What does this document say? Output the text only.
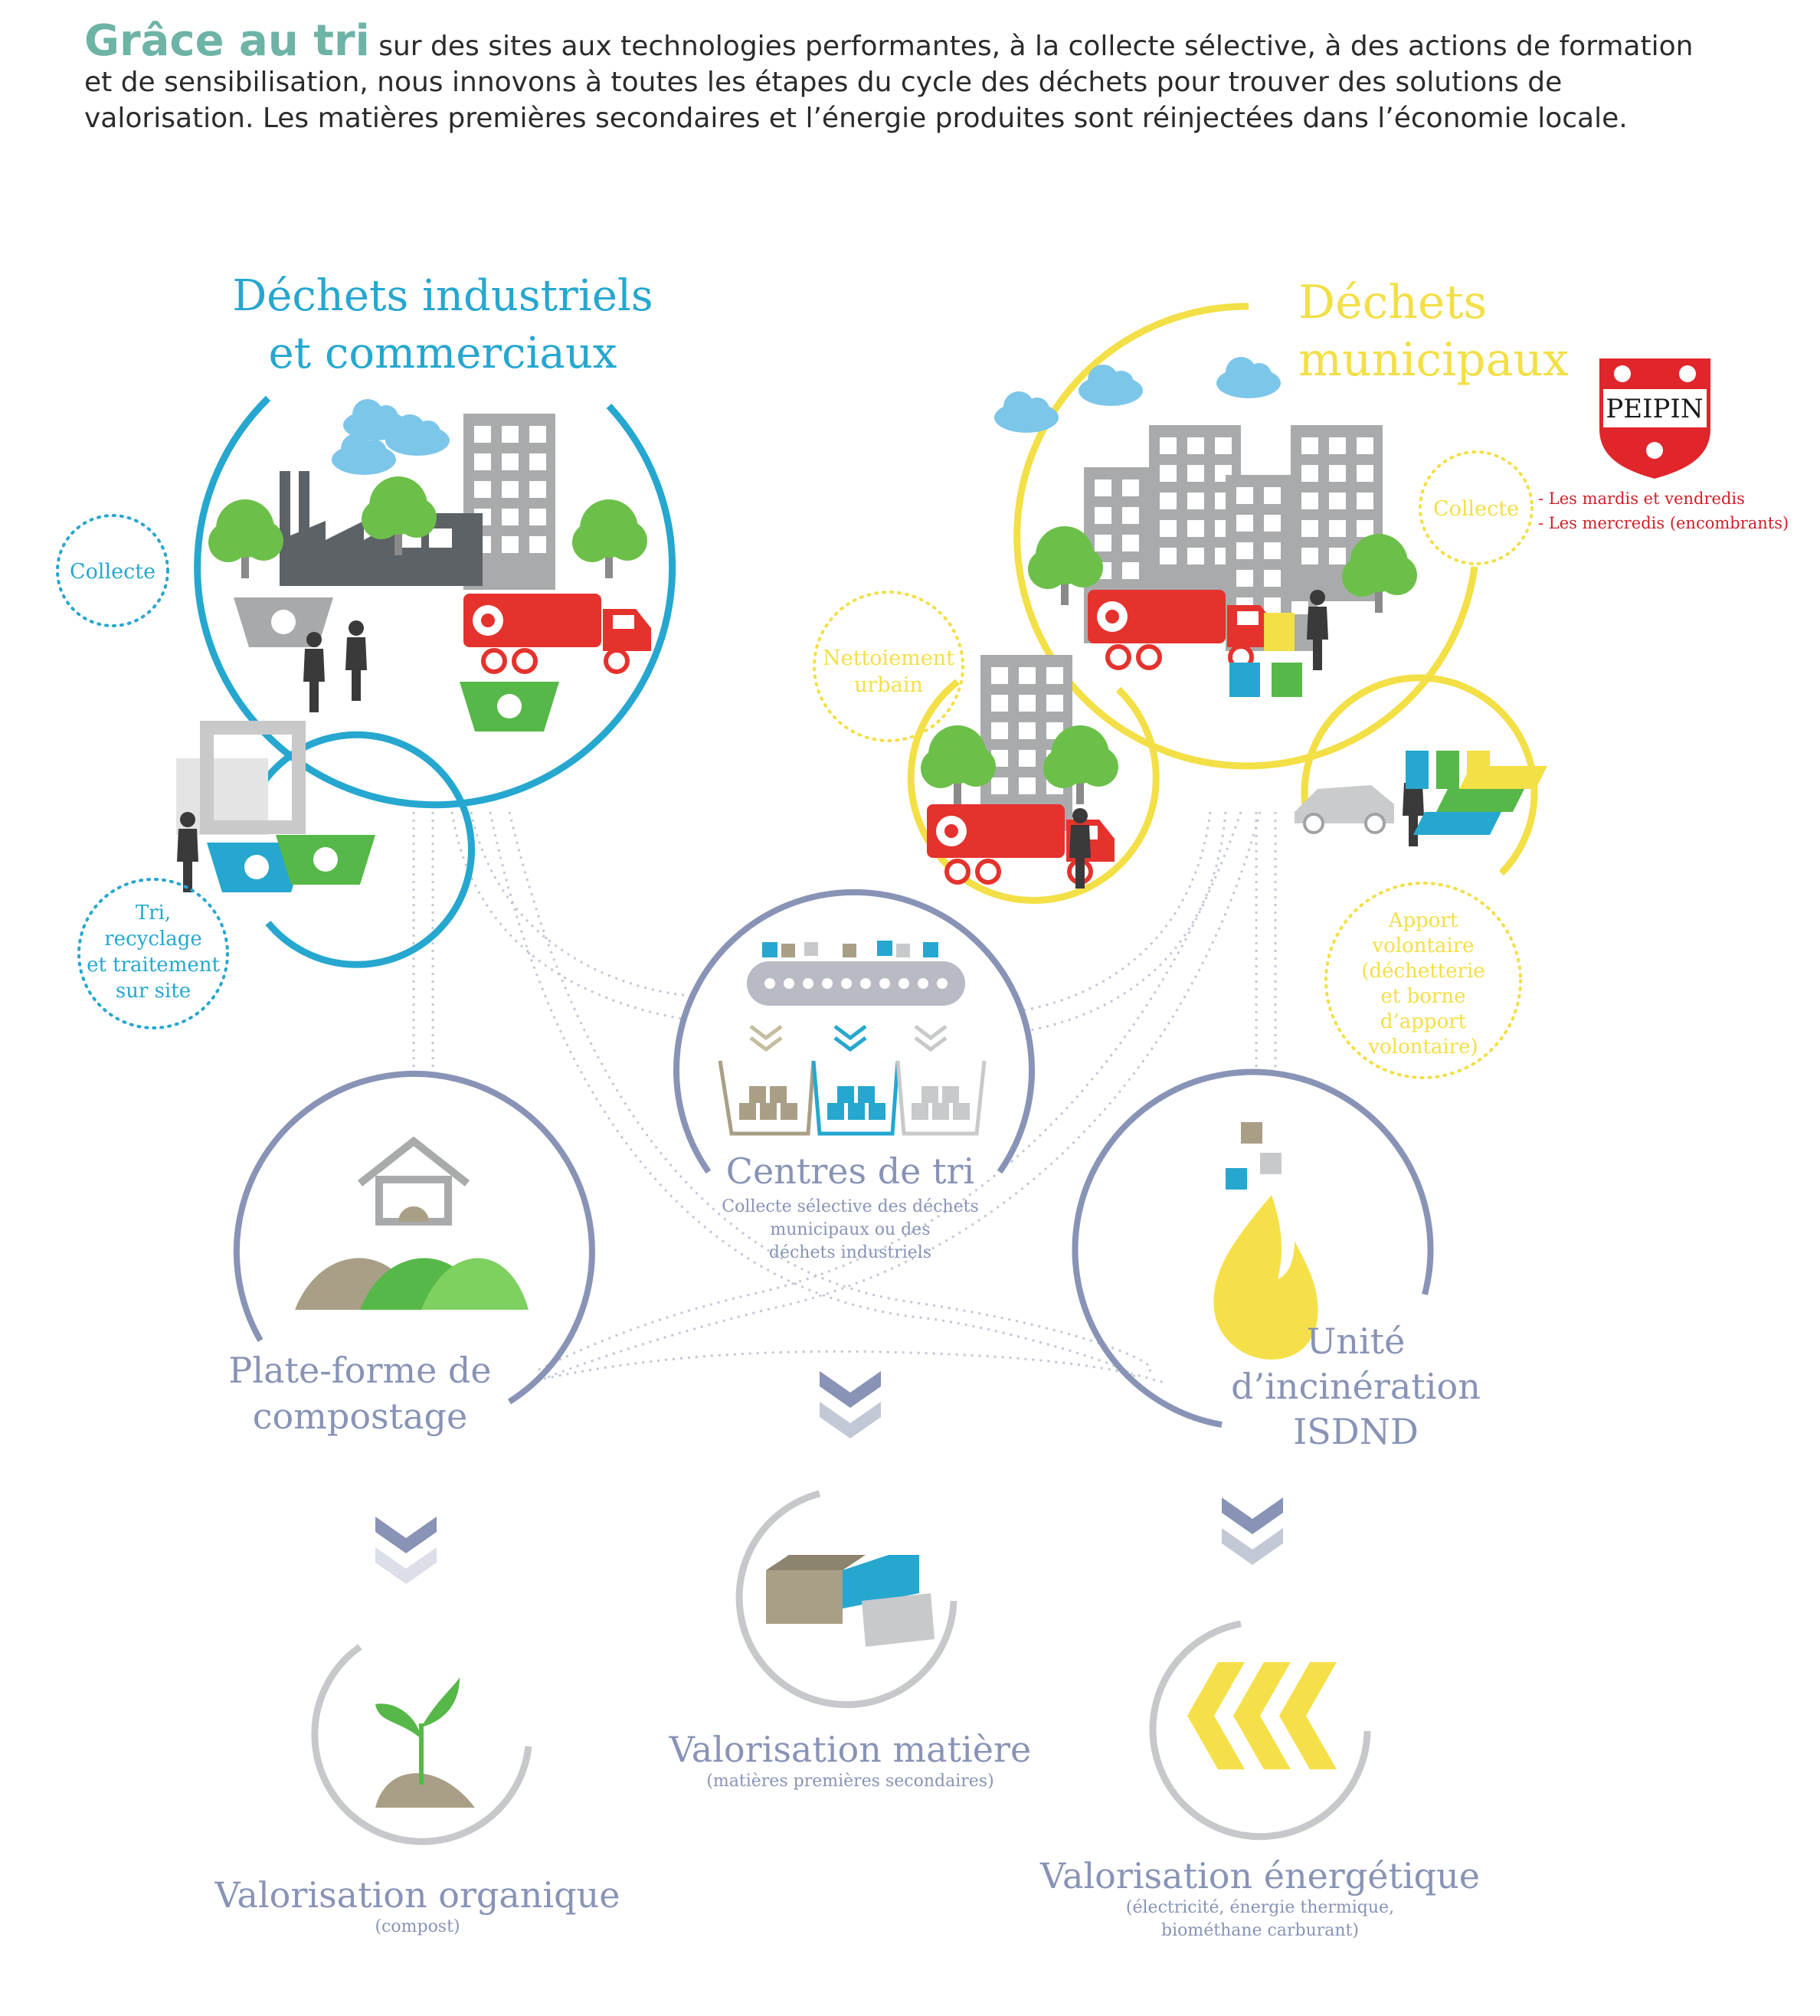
Grâce au tri sur des sites aux technologies performantes, à la collecte sélective, à des actions de formation et de sensibilisation, nous innovons à toutes les étapes du cycle des déchets pour trouver des solutions de valorisation. Les matières premières secondaires et l’énergie produites sont réinjectées dans l’économie locale.
Déchets industriels
et commerciaux
Collecte
Tri,
recyclage
et traitement
sur site
Déchets
municipaux
Collecte
Nettoiement
urbain
Apport
volontaire
(déchetterie
et borne
d’apport
volontaire)
PEIPIN
- Les mardis et vendredis
- Les mercredis (encombrants)
Centres de tri
Collecte sélective des déchets
municipaux ou des
déchets industriels
Plate-forme de
compostage
Unité
d’incinération
ISDND
Valorisation organique
(compost)
Valorisation matière
(matières premières secondaires)
Valorisation énergétique
(électricité, énergie thermique,
biométhane carburant)
